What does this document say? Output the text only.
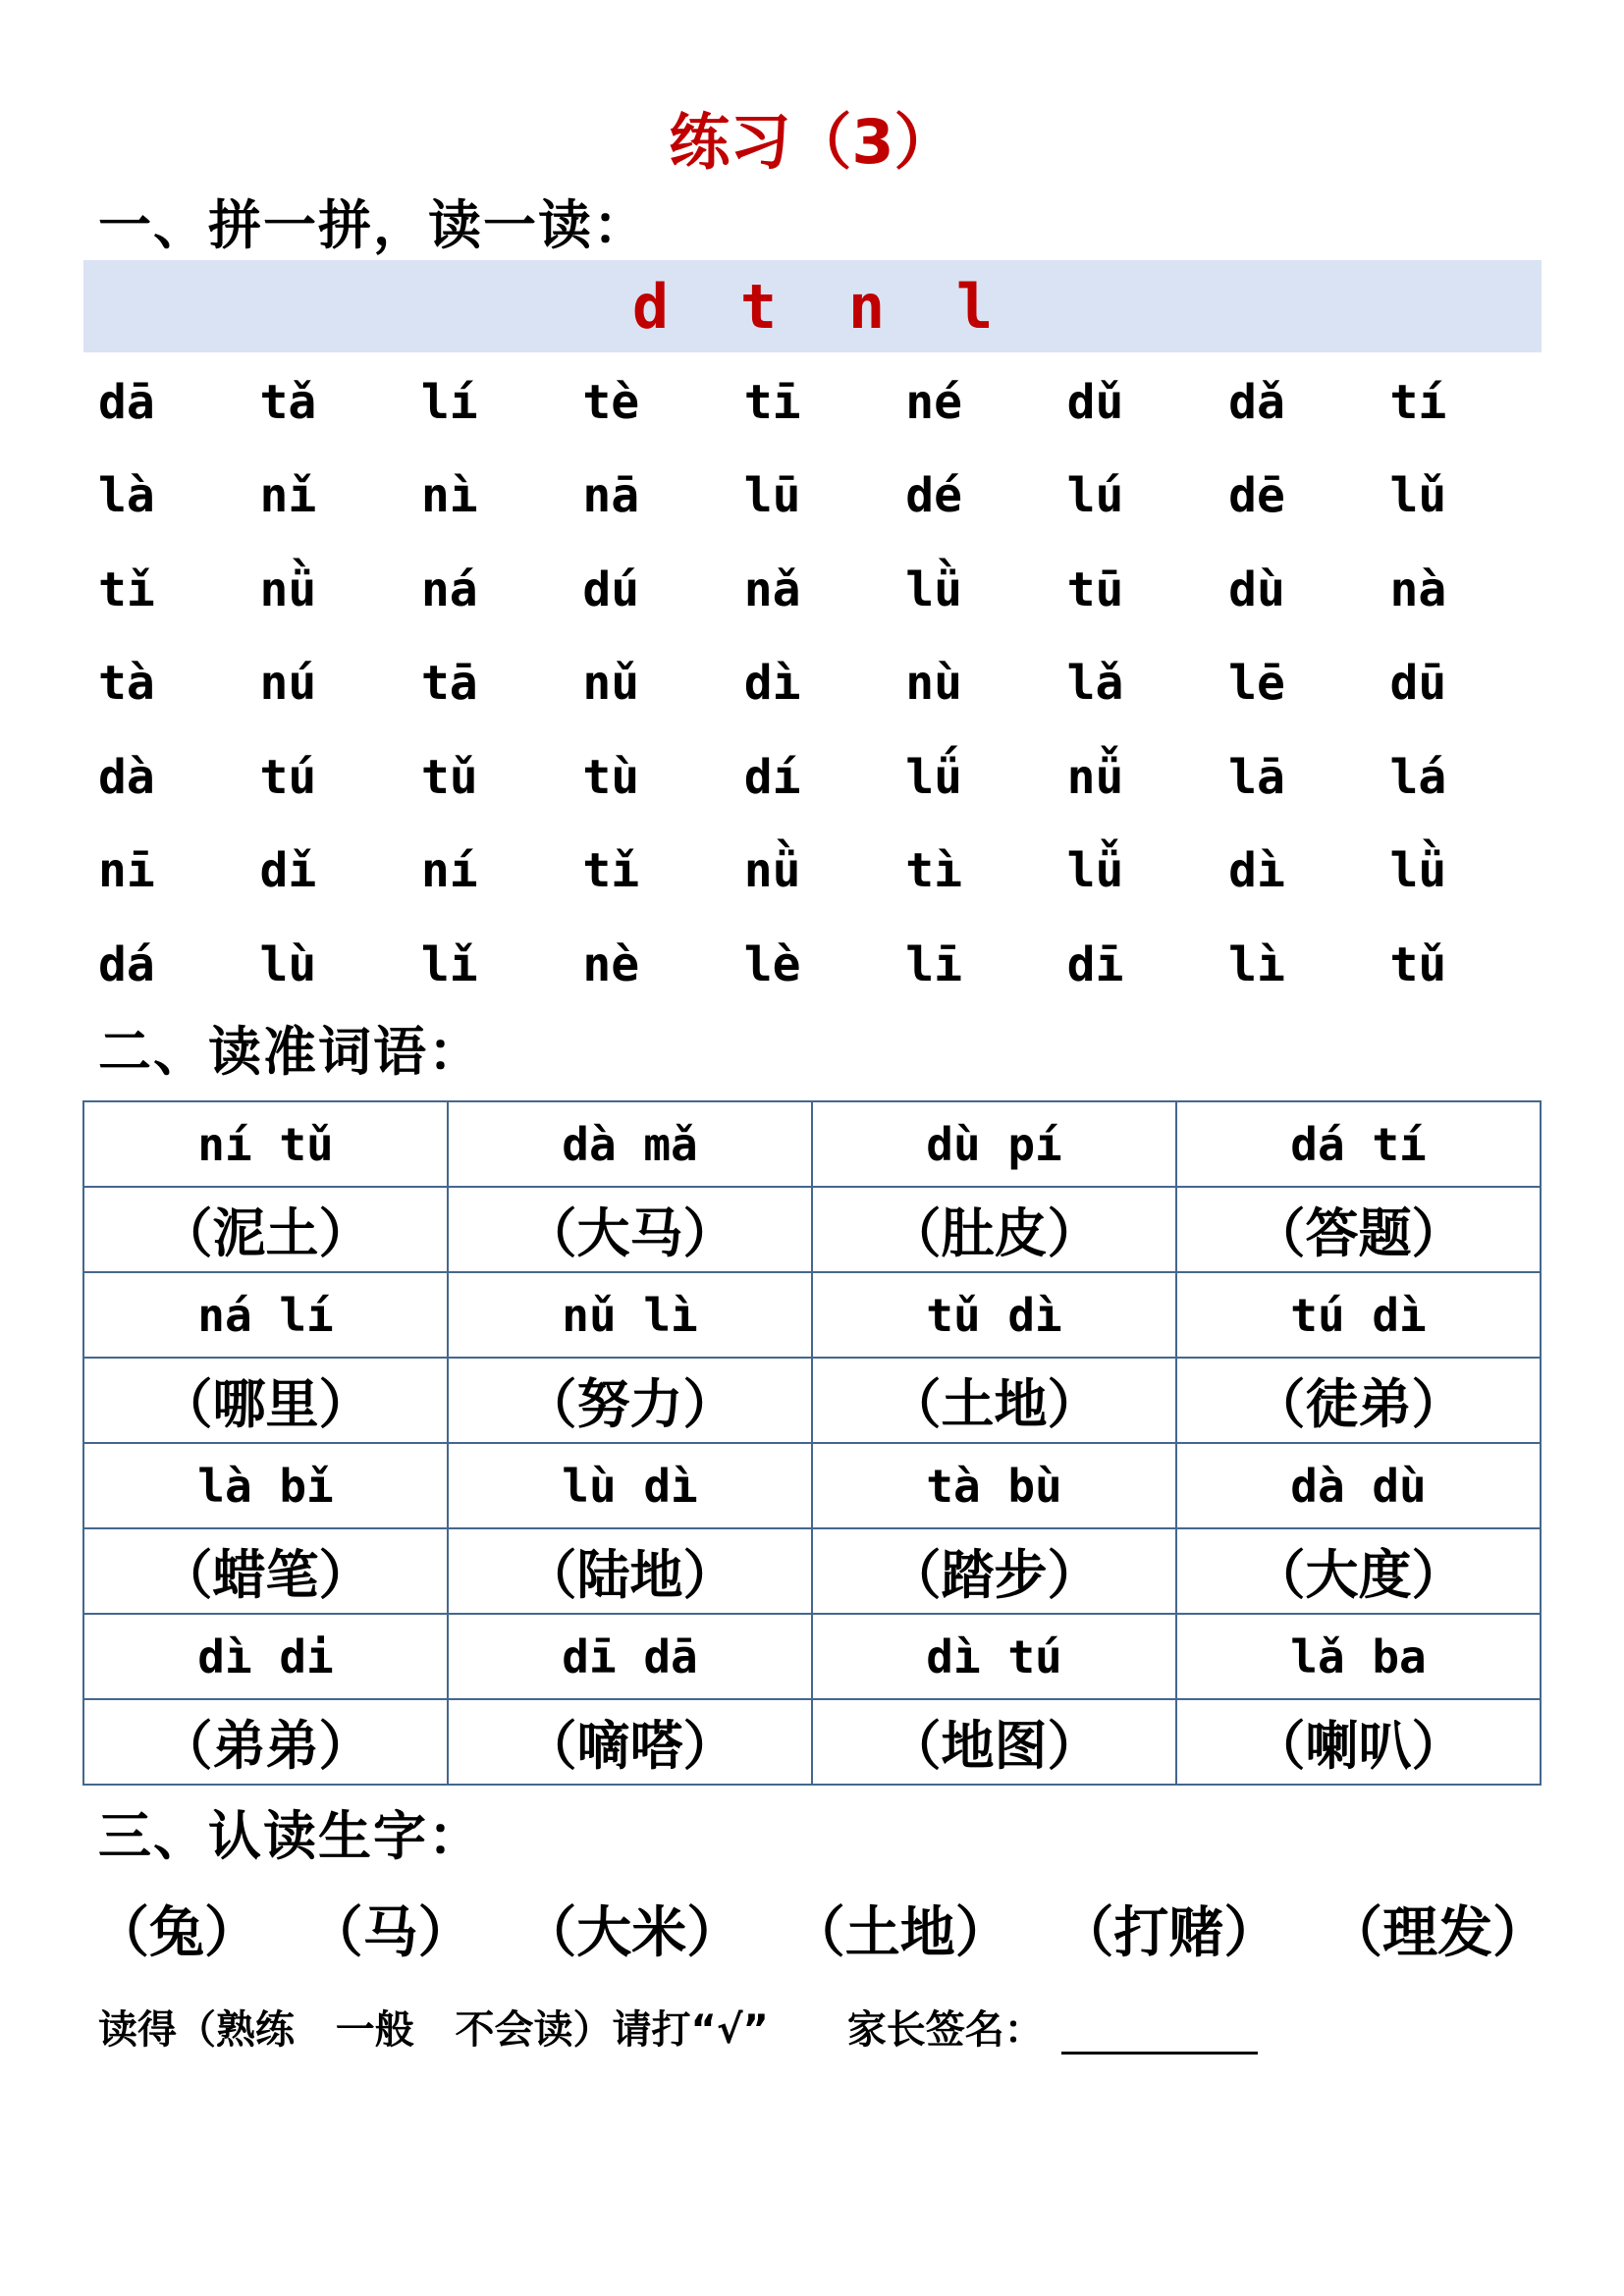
练习（3）
一、拼一拼，读一读：
d	t	n	l
dā	tǎ	lí	tè	tī	né	dǔ	dǎ	tí
là	nǐ	nì	nā	lū	dé	lú	dē	lǔ
tǐ	nǜ	ná	dú	nǎ	lǜ	tū	dù	nà
tà	nú	tā	nǔ	dì	nù	lǎ	lē	dū
dà	tú	tǔ	tù	dí	lǘ	nǚ	lā	lá
nī	dǐ	ní	tǐ	nǜ	tì	lǚ	dì	lǜ
dá	lù	lǐ	nè	lè	lī	dī	lì	tǔ
二、读准词语：
ní tǔ	dà mǎ	dù pí	dá tí
（泥土）	（大马）	（肚皮）	（答题）
ná lí	nǔ lì	tǔ dì	tú dì
（哪里）	（努力）	（土地）	（徒弟）
là bǐ	lù dì	tà bù	dà dù
（蜡笔）	（陆地）	（踏步）	（大度）
dì di	dī dā	dì tú	lǎ ba
（弟弟）	（嘀嗒）	（地图）	（喇叭）
三、认读生字：
（兔） （马） （大米） （土地） （打赌） （理发）
读得（熟练   一般   不会读）请打“√” 家长签名：
